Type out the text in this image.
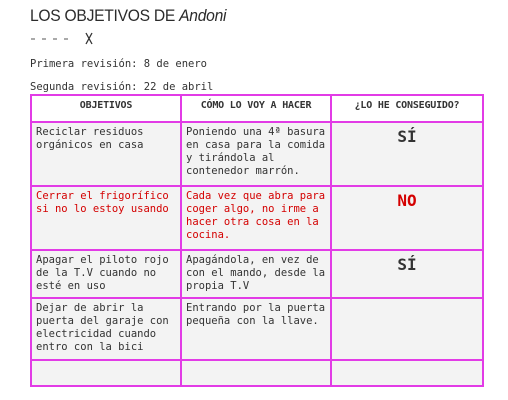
LOS OBJETIVOS DE Andoni
Primera revisión: 8 de enero
Segunda revisión: 22 de abril
OBJETIVOS	CÓMO LO VOY A HACER	¿LO HE CONSEGUIDO?
Reciclar residuos orgánicos en casa	Poniendo una 4ª basura en casa para la comida y tirándola al contenedor marrón.	SÍ
Cerrar el frigorífico si no lo estoy usando	Cada vez que abra para coger algo, no irme a hacer otra cosa en la cocina.	NO
Apagar el piloto rojo de la T.V cuando no esté en uso	Apagándola, en vez de con el mando, desde la propia T.V	SÍ
Dejar de abrir la puerta del garaje con electricidad cuando entro con la bici	Entrando por la puerta pequeña con la llave.	
